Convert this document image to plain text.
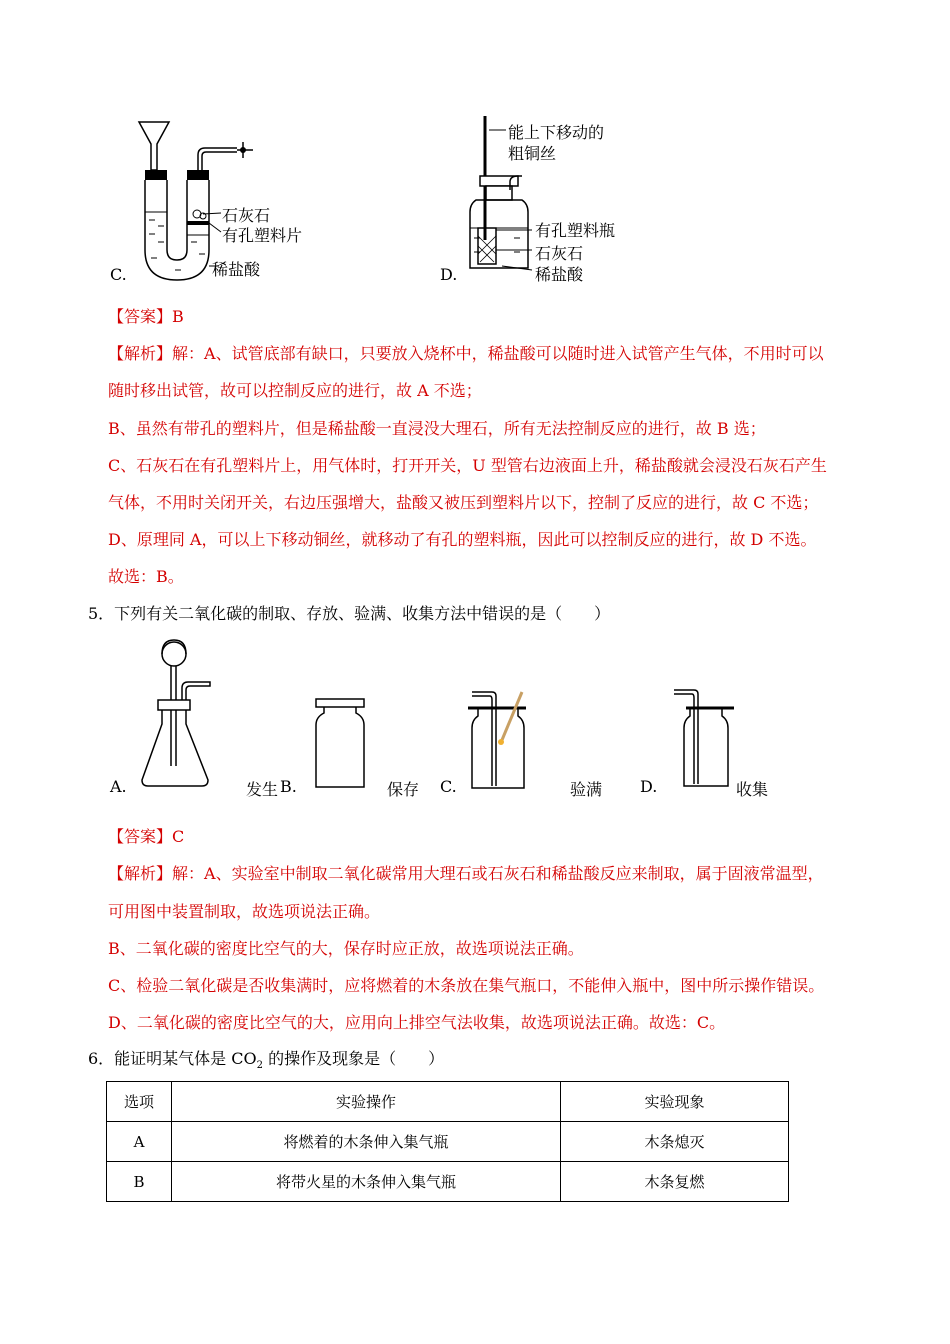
石灰石
有孔塑料片
稀盐酸
C.
能上下移动的
粗铜丝
有孔塑料瓶
石灰石
稀盐酸
D.
【答案】B
【解析】解：A、试管底部有缺口，只要放入烧杯中，稀盐酸可以随时进入试管产生气体，不用时可以
随时移出试管，故可以控制反应的进行，故 A 不选；
B、虽然有带孔的塑料片，但是稀盐酸一直浸没大理石，所有无法控制反应的进行，故 B 选；
C、石灰石在有孔塑料片上，用气体时，打开开关，U 型管右边液面上升，稀盐酸就会浸没石灰石产生
气体，不用时关闭开关，右边压强增大，盐酸又被压到塑料片以下，控制了反应的进行，故 C 不选；
D、原理同 A，可以上下移动铜丝，就移动了有孔的塑料瓶，因此可以控制反应的进行，故 D 不选。
故选：B。
5．下列有关二氧化碳的制取、存放、验满、收集方法中错误的是（　　）
A.	发生 B.	保存 C.	验满 D.	收集
【答案】C
【解析】解：A、实验室中制取二氧化碳常用大理石或石灰石和稀盐酸反应来制取，属于固液常温型，
可用图中装置制取，故选项说法正确。
B、二氧化碳的密度比空气的大，保存时应正放，故选项说法正确。
C、检验二氧化碳是否收集满时，应将燃着的木条放在集气瓶口，不能伸入瓶中，图中所示操作错误。
D、二氧化碳的密度比空气的大，应用向上排空气法收集，故选项说法正确。故选：C。
6．能证明某气体是 $CO_2$ 的操作及现象是（　　）
选项	实验操作	实验现象
A	将燃着的木条伸入集气瓶	木条熄灭
B	将带火星的木条伸入集气瓶	木条复燃
